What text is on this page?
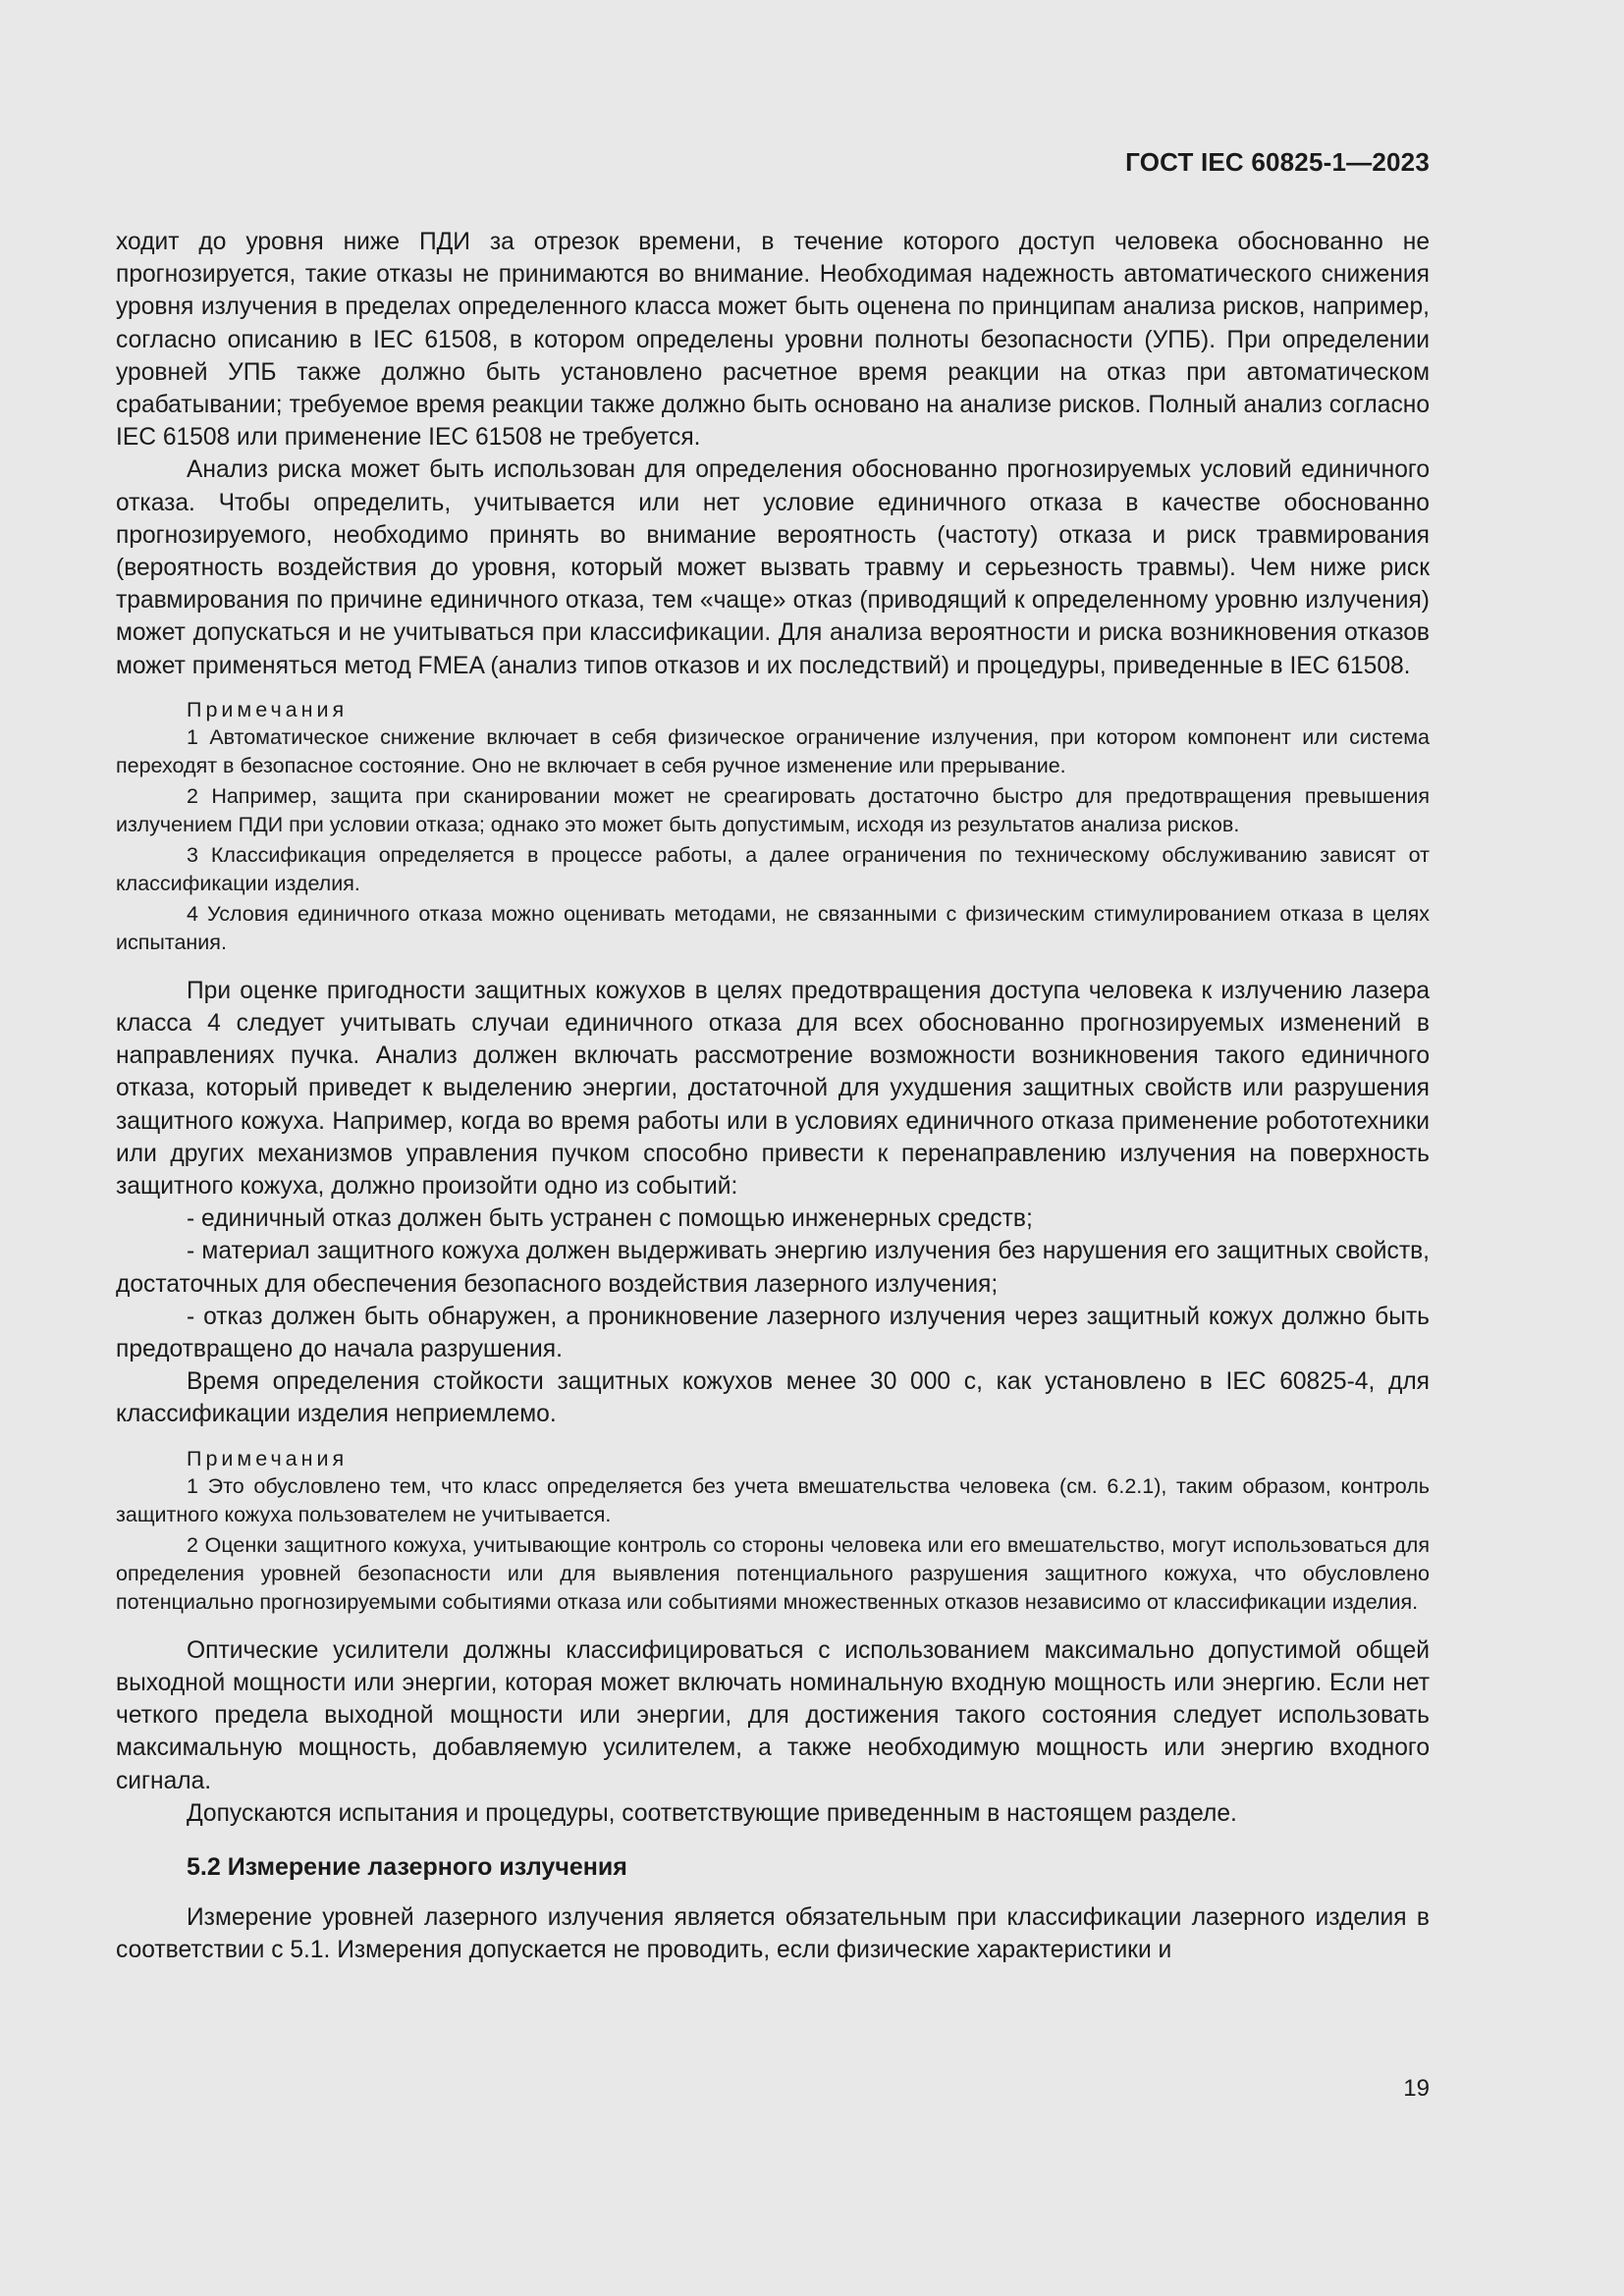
ГОСТ IEC 60825-1—2023

ходит до уровня ниже ПДИ за отрезок времени, в течение которого доступ человека обоснованно не прогнозируется, такие отказы не принимаются во внимание. Необходимая надежность автоматического снижения уровня излучения в пределах определенного класса может быть оценена по принципам анализа рисков, например, согласно описанию в IEC 61508, в котором определены уровни полноты безопасности (УПБ). При определении уровней УПБ также должно быть установлено расчетное время реакции на отказ при автоматическом срабатывании; требуемое время реакции также должно быть основано на анализе рисков. Полный анализ согласно IEC 61508 или применение IEC 61508 не требуется.

Анализ риска может быть использован для определения обоснованно прогнозируемых условий единичного отказа. Чтобы определить, учитывается или нет условие единичного отказа в качестве обоснованно прогнозируемого, необходимо принять во внимание вероятность (частоту) отказа и риск травмирования (вероятность воздействия до уровня, который может вызвать травму и серьезность травмы). Чем ниже риск травмирования по причине единичного отказа, тем «чаще» отказ (приводящий к определенному уровню излучения) может допускаться и не учитываться при классификации. Для анализа вероятности и риска возникновения отказов может применяться метод FMEA (анализ типов отказов и их последствий) и процедуры, приведенные в IEC 61508.

Примечания

1 Автоматическое снижение включает в себя физическое ограничение излучения, при котором компонент или система переходят в безопасное состояние. Оно не включает в себя ручное изменение или прерывание.

2 Например, защита при сканировании может не среагировать достаточно быстро для предотвращения превышения излучением ПДИ при условии отказа; однако это может быть допустимым, исходя из результатов анализа рисков.

3 Классификация определяется в процессе работы, а далее ограничения по техническому обслуживанию зависят от классификации изделия.

4 Условия единичного отказа можно оценивать методами, не связанными с физическим стимулированием отказа в целях испытания.

При оценке пригодности защитных кожухов в целях предотвращения доступа человека к излучению лазера класса 4 следует учитывать случаи единичного отказа для всех обоснованно прогнозируемых изменений в направлениях пучка. Анализ должен включать рассмотрение возможности возникновения такого единичного отказа, который приведет к выделению энергии, достаточной для ухудшения защитных свойств или разрушения защитного кожуха. Например, когда во время работы или в условиях единичного отказа применение робототехники или других механизмов управления пучком способно привести к перенаправлению излучения на поверхность защитного кожуха, должно произойти одно из событий:

- единичный отказ должен быть устранен с помощью инженерных средств;

- материал защитного кожуха должен выдерживать энергию излучения без нарушения его защитных свойств, достаточных для обеспечения безопасного воздействия лазерного излучения;

- отказ должен быть обнаружен, а проникновение лазерного излучения через защитный кожух должно быть предотвращено до начала разрушения.

Время определения стойкости защитных кожухов менее 30 000 с, как установлено в IEC 60825-4, для классификации изделия неприемлемо.

Примечания

1 Это обусловлено тем, что класс определяется без учета вмешательства человека (см. 6.2.1), таким образом, контроль защитного кожуха пользователем не учитывается.

2 Оценки защитного кожуха, учитывающие контроль со стороны человека или его вмешательство, могут использоваться для определения уровней безопасности или для выявления потенциального разрушения защитного кожуха, что обусловлено потенциально прогнозируемыми событиями отказа или событиями множественных отказов независимо от классификации изделия.

Оптические усилители должны классифицироваться с использованием максимально допустимой общей выходной мощности или энергии, которая может включать номинальную входную мощность или энергию. Если нет четкого предела выходной мощности или энергии, для достижения такого состояния следует использовать максимальную мощность, добавляемую усилителем, а также необходимую мощность или энергию входного сигнала.

Допускаются испытания и процедуры, соответствующие приведенным в настоящем разделе.

5.2 Измерение лазерного излучения

Измерение уровней лазерного излучения является обязательным при классификации лазерного изделия в соответствии с 5.1. Измерения допускается не проводить, если физические характеристики и

19
